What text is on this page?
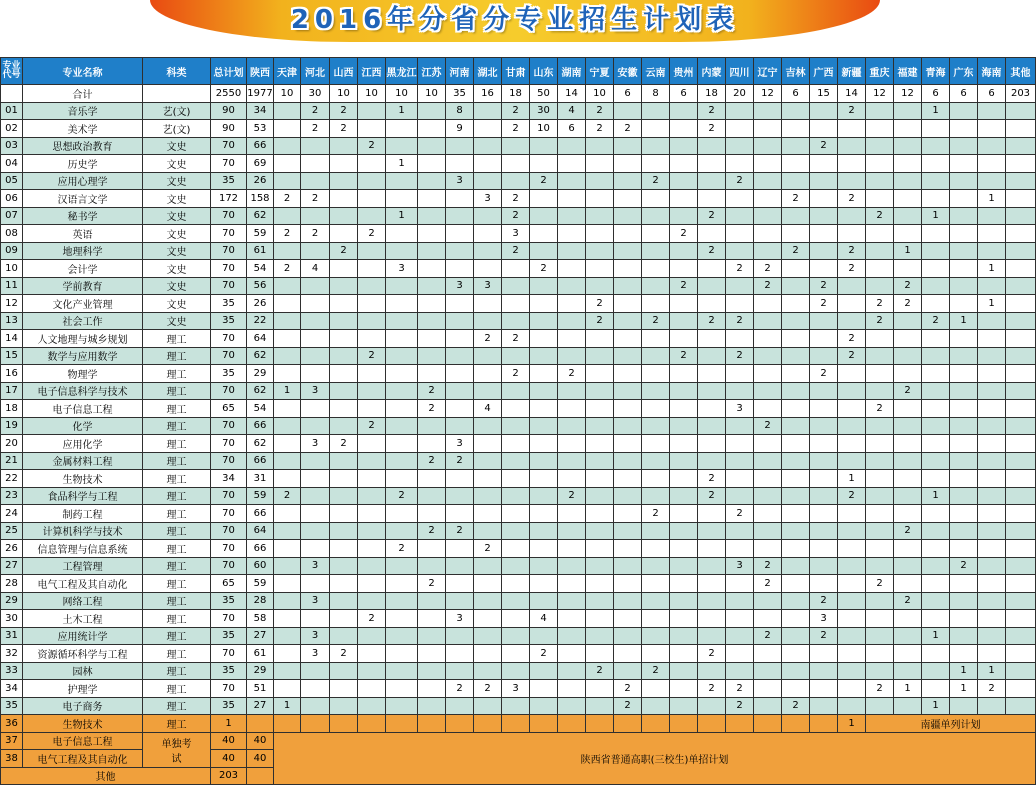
2016年分省分专业招生计划表
专业代号	专业名称	科类	总计划	陕西	天津	河北	山西	江西	黑龙江	江苏	河南	湖北	甘肃	山东	湖南	宁夏	安徽	云南	贵州	内蒙	四川	辽宁	吉林	广西	新疆	重庆	福建	青海	广东	海南	其他
	合计		2550	1977	10	30	10	10	10	10	35	16	18	50	14	10	6	8	6	18	20	12	6	15	14	12	12	6	6	6	203
01	音乐学	艺(文)	90	34		2	2		1		8		2	30	4	2				2					2			1			
02	美术学	艺(文)	90	53		2	2				9		2	10	6	2	2			2											
03	思想政治教育	文史	70	66				2																2							
04	历史学	文史	70	69					1																						
05	应用心理学	文史	35	26							3			2				2			2										
06	汉语言文学	文史	172	158	2	2						3	2										2		2					1	
07	秘书学	文史	70	62					1				2							2						2		1			
08	英语	文史	70	59	2	2		2					3						2												
09	地理科学	文史	70	61			2						2							2			2		2		1				
10	会计学	文史	70	54	2	4			3					2							2	2			2					1	
11	学前教育	文史	70	56							3	3							2			2		2			2				
12	文化产业管理	文史	35	26												2								2		2	2			1	
13	社会工作	文史	35	22												2		2		2	2					2		2	1		
14	人文地理与城乡规划	理工	70	64								2	2												2						
15	数学与应用数学	理工	70	62				2											2		2				2						
16	物理学	理工	35	29									2		2									2							
17	电子信息科学与技术	理工	70	62	1	3				2																	2				
18	电子信息工程	理工	65	54						2		4									3					2					
19	化学	理工	70	66				2														2									
20	应用化学	理工	70	62		3	2				3																				
21	金属材料工程	理工	70	66						2	2																				
22	生物技术	理工	34	31																2					1						
23	食品科学与工程	理工	70	59	2				2						2					2					2			1			
24	制药工程	理工	70	66														2			2										
25	计算机科学与技术	理工	70	64						2	2																2				
26	信息管理与信息系统	理工	70	66					2			2																			
27	工程管理	理工	70	60		3															3	2							2		
28	电气工程及其自动化	理工	65	59						2												2				2					
29	网络工程	理工	35	28		3																		2			2				
30	土木工程	理工	70	58				2			3			4										3							
31	应用统计学	理工	35	27		3																2		2				1			
32	资源循环科学与工程	理工	70	61		3	2							2						2											
33	园林	理工	35	29												2		2											1	1	
34	护理学	理工	70	51							2	2	3				2			2	2					2	1		1	2	
35	电子商务	理工	35	27	1												2				2		2					1			
36	生物技术	理工	1																						1	南疆单列计划					
37	电子信息工程	单独考试	40	40	陕西省普通高职(三校生)单招计划																										
38	电气工程及其自动化		40	40																											
其他			203																												
